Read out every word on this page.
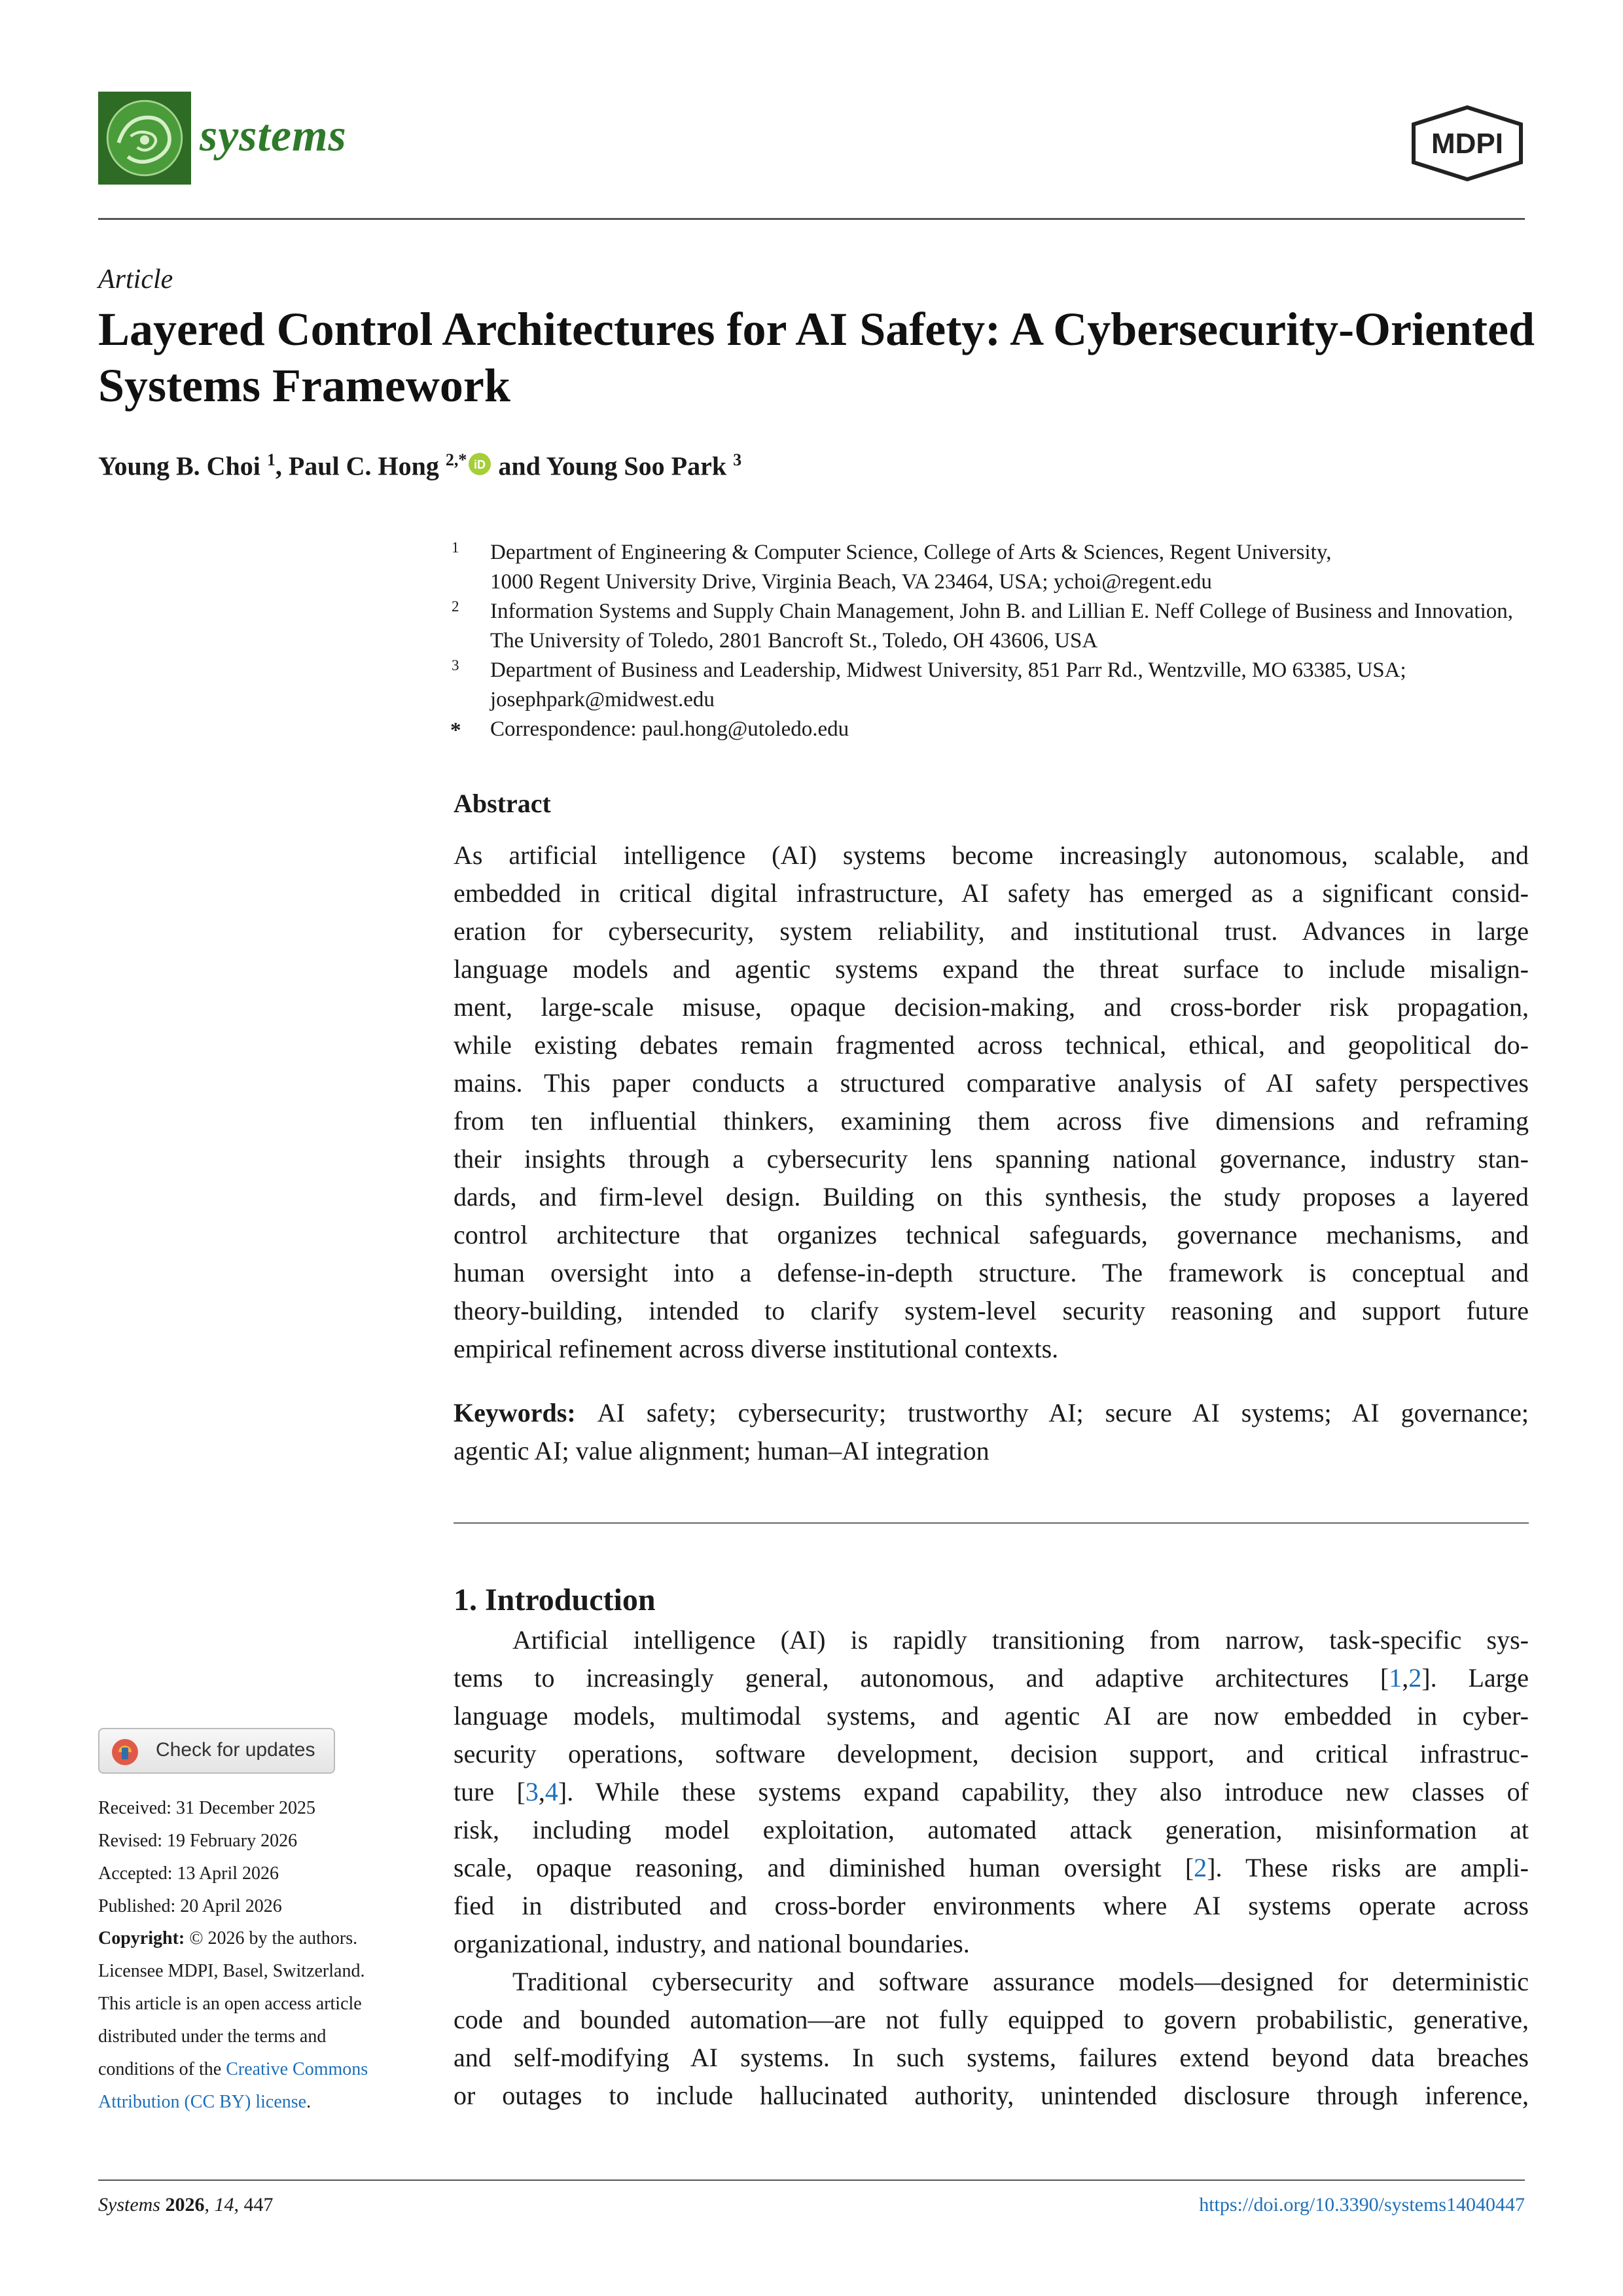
systems	MDPI
Article
Layered Control Architectures for AI Safety: A Cybersecurity-Oriented Systems Framework
Young B. Choi $^1$, Paul C. Hong $^{2,*}$ iD and Young Soo Park $^3$
1	Department of Engineering & Computer Science, College of Arts & Sciences, Regent University,
1000 Regent University Drive, Virginia Beach, VA 23464, USA; ychoi@regent.edu
2	Information Systems and Supply Chain Management, John B. and Lillian E. Neff College of Business and Innovation,
The University of Toledo, 2801 Bancroft St., Toledo, OH 43606, USA
3	Department of Business and Leadership, Midwest University, 851 Parr Rd., Wentzville, MO 63385, USA;
josephpark@midwest.edu
* Correspondence: paul.hong@utoledo.edu
Abstract
As artificial intelligence (AI) systems become increasingly autonomous, scalable, and
embedded in critical digital infrastructure, AI safety has emerged as a significant consid-
eration for cybersecurity, system reliability, and institutional trust. Advances in large
language models and agentic systems expand the threat surface to include misalign-
ment, large-scale misuse, opaque decision-making, and cross-border risk propagation,
while existing debates remain fragmented across technical, ethical, and geopolitical do-
mains. This paper conducts a structured comparative analysis of AI safety perspectives
from ten influential thinkers, examining them across five dimensions and reframing
their insights through a cybersecurity lens spanning national governance, industry stan-
dards, and firm-level design. Building on this synthesis, the study proposes a layered
control architecture that organizes technical safeguards, governance mechanisms, and
human oversight into a defense-in-depth structure. The framework is conceptual and
theory-building, intended to clarify system-level security reasoning and support future
empirical refinement across diverse institutional contexts.
Keywords: AI safety; cybersecurity; trustworthy AI; secure AI systems; AI governance;
agentic AI; value alignment; human–AI integration
1. Introduction
Artificial intelligence (AI) is rapidly transitioning from narrow, task-specific sys-
tems to increasingly general, autonomous, and adaptive architectures [1,2]. Large
language models, multimodal systems, and agentic AI are now embedded in cyber-
security operations, software development, decision support, and critical infrastruc-
ture [3,4]. While these systems expand capability, they also introduce new classes of
risk, including model exploitation, automated attack generation, misinformation at
scale, opaque reasoning, and diminished human oversight [2]. These risks are ampli-
fied in distributed and cross-border environments where AI systems operate across
organizational, industry, and national boundaries.
Traditional cybersecurity and software assurance models—designed for deterministic
code and bounded automation—are not fully equipped to govern probabilistic, generative,
and self-modifying AI systems. In such systems, failures extend beyond data breaches
or outages to include hallucinated authority, unintended disclosure through inference,
Check for updates
Received: 31 December 2025
Revised: 19 February 2026
Accepted: 13 April 2026
Published: 20 April 2026
Copyright: © 2026 by the authors.
Licensee MDPI, Basel, Switzerland.
This article is an open access article
distributed under the terms and
conditions of the Creative Commons
Attribution (CC BY) license.
Systems 2026, 14, 447	https://doi.org/10.3390/systems14040447
